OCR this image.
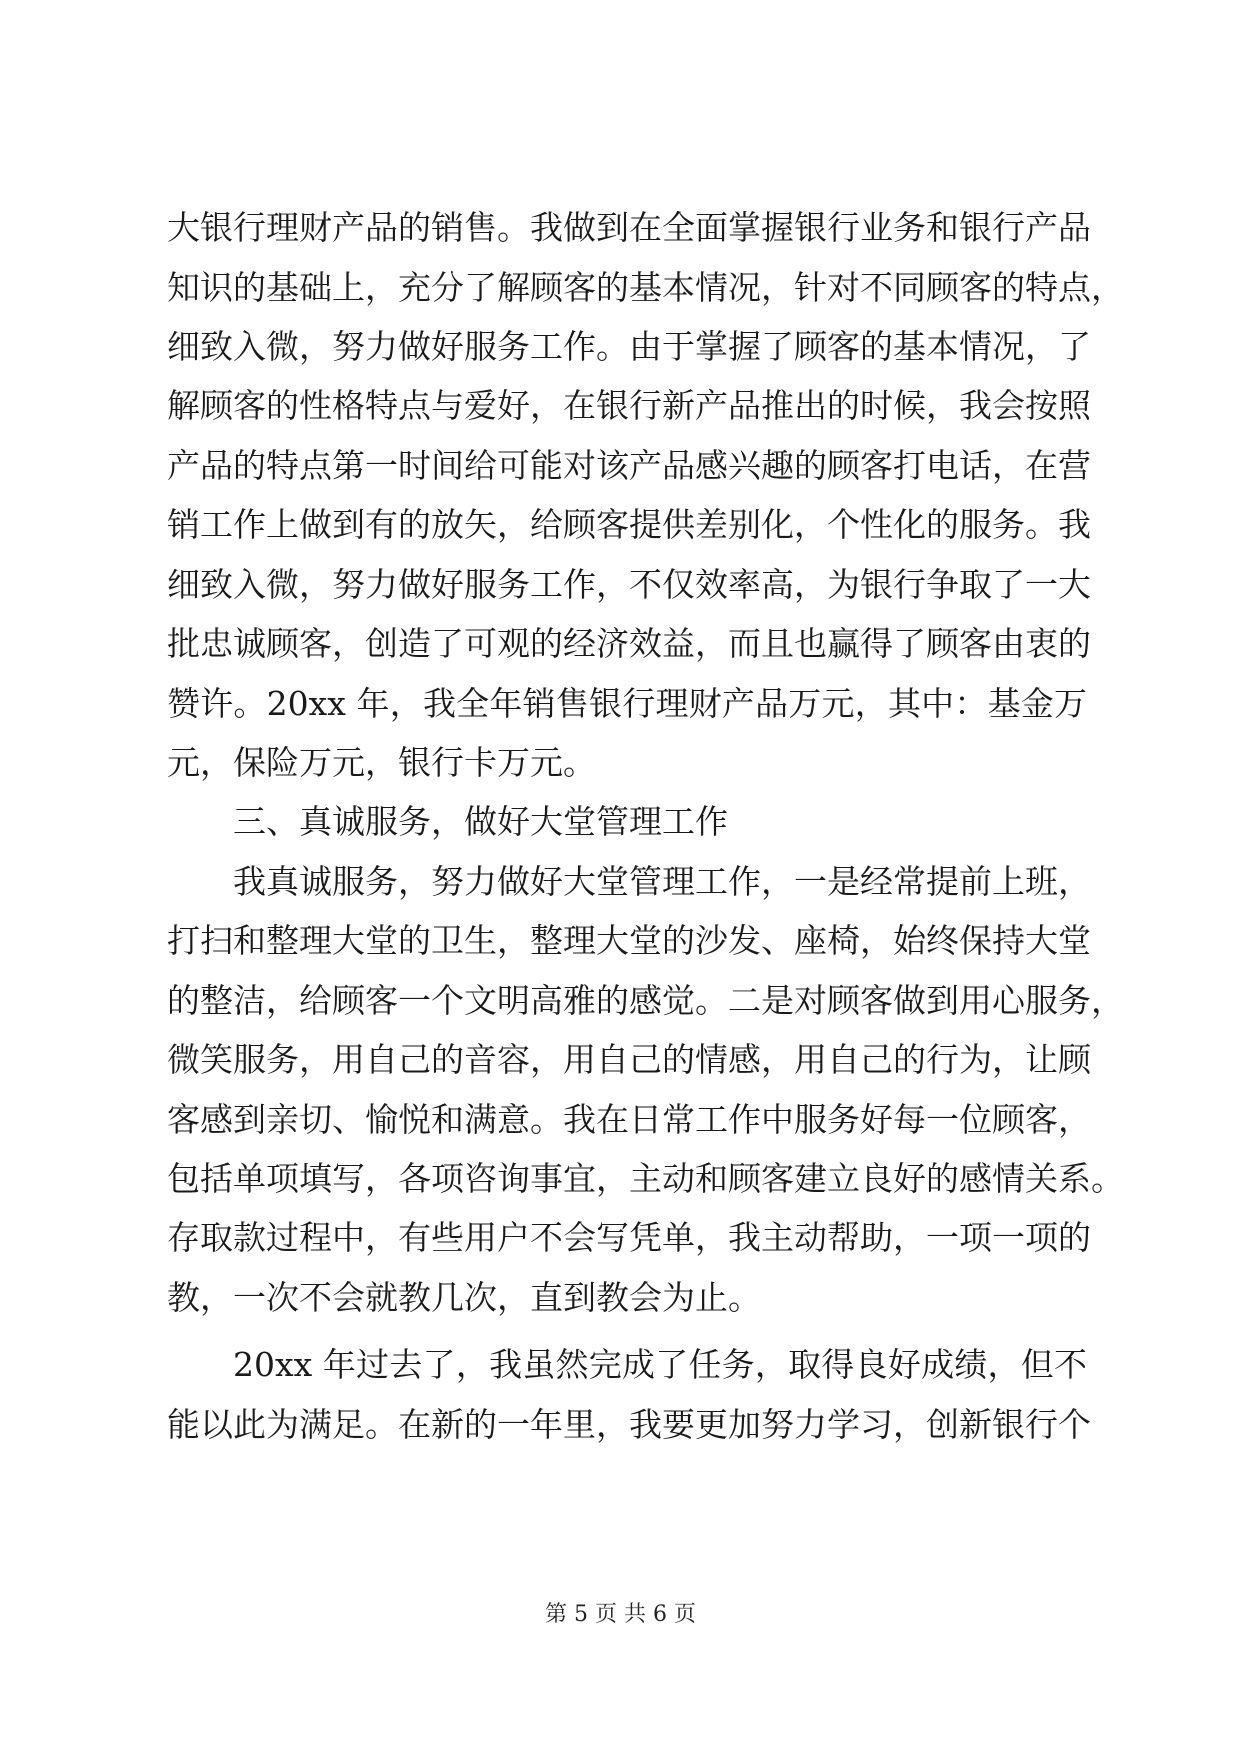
大银行理财产品的销售。我做到在全面掌握银行业务和银行产品
知识的基础上，充分了解顾客的基本情况，针对不同顾客的特点，
细致入微，努力做好服务工作。由于掌握了顾客的基本情况，了
解顾客的性格特点与爱好，在银行新产品推出的时候，我会按照
产品的特点第一时间给可能对该产品感兴趣的顾客打电话，在营
销工作上做到有的放矢，给顾客提供差别化，个性化的服务。我
细致入微，努力做好服务工作，不仅效率高，为银行争取了一大
批忠诚顾客，创造了可观的经济效益，而且也赢得了顾客由衷的
赞许。20xx 年，我全年销售银行理财产品万元，其中：基金万
元，保险万元，银行卡万元。
三、真诚服务，做好大堂管理工作
我真诚服务，努力做好大堂管理工作，一是经常提前上班，
打扫和整理大堂的卫生，整理大堂的沙发、座椅，始终保持大堂
的整洁，给顾客一个文明高雅的感觉。二是对顾客做到用心服务，
微笑服务，用自己的音容，用自己的情感，用自己的行为，让顾
客感到亲切、愉悦和满意。我在日常工作中服务好每一位顾客，
包括单项填写，各项咨询事宜，主动和顾客建立良好的感情关系。
存取款过程中，有些用户不会写凭单，我主动帮助，一项一项的
教，一次不会就教几次，直到教会为止。
20xx 年过去了，我虽然完成了任务，取得良好成绩，但不
能以此为满足。在新的一年里，我要更加努力学习，创新银行个
第 5 页 共 6 页
